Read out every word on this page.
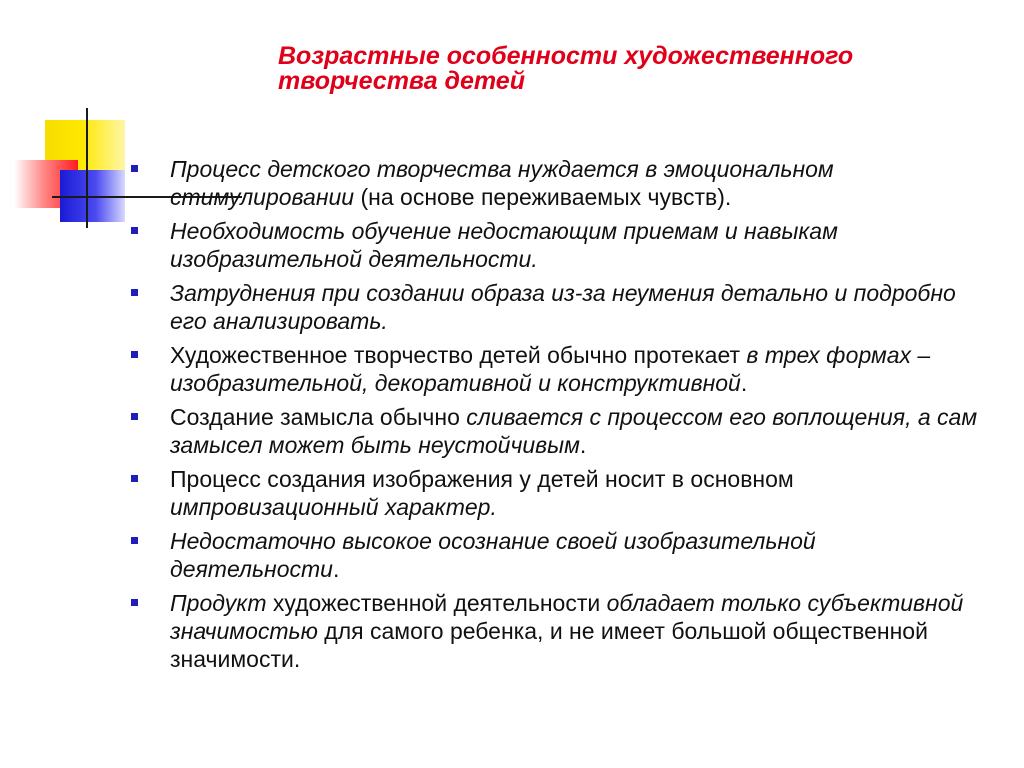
Возрастные особенности художественного
творчества детей
Процесс детского творчества нуждается в эмоциональном стимулировании (на основе переживаемых чувств).
Необходимость обучение недостающим приемам и навыкам изобразительной деятельности.
Затруднения при создании образа из-за неумения детально и подробно его анализировать.
Художественное творчество детей обычно протекает в трех формах – изобразительной, декоративной и конструктивной.
Создание замысла обычно сливается с процессом его воплощения, а сам замысел может быть неустойчивым.
Процесс создания изображения у детей носит в основном импровизационный характер.
Недостаточно высокое осознание своей изобразительной деятельности.
Продукт художественной деятельности обладает только субъективной значимостью для самого ребенка, и не имеет большой общественной значимости.
